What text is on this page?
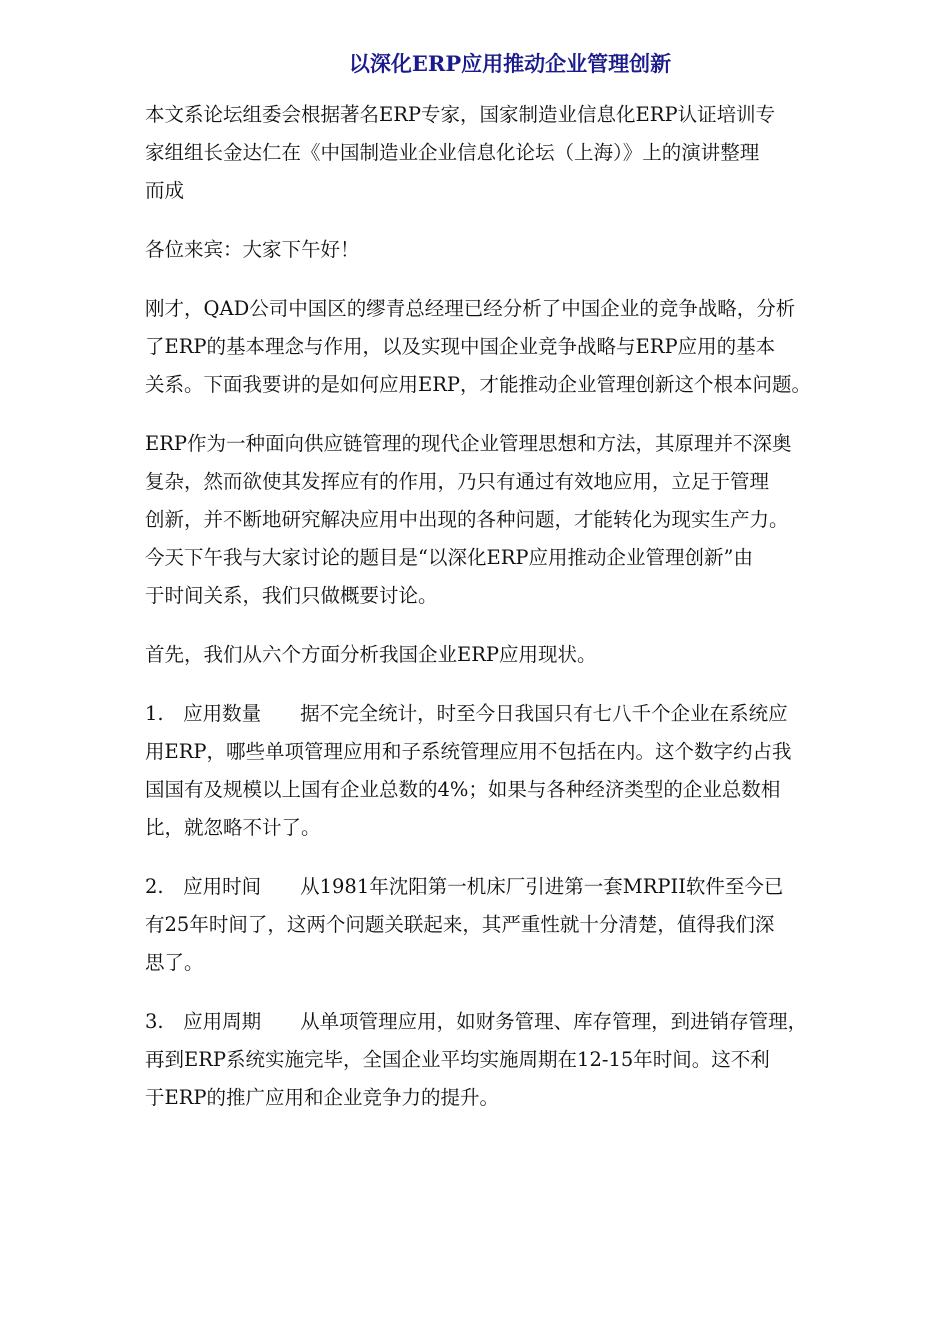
以深化ERP应用推动企业管理创新
本文系论坛组委会根据著名ERP专家，国家制造业信息化ERP认证培训专
家组组长金达仁在《中国制造业企业信息化论坛（上海）》上的演讲整理
而成
各位来宾：大家下午好！
刚才，QAD公司中国区的缪青总经理已经分析了中国企业的竞争战略，分析
了ERP的基本理念与作用，以及实现中国企业竞争战略与ERP应用的基本
关系。下面我要讲的是如何应用ERP，才能推动企业管理创新这个根本问题。
ERP作为一种面向供应链管理的现代企业管理思想和方法，其原理并不深奥
复杂，然而欲使其发挥应有的作用，乃只有通过有效地应用，立足于管理
创新，并不断地研究解决应用中出现的各种问题，才能转化为现实生产力。
今天下午我与大家讨论的题目是“以深化ERP应用推动企业管理创新”由
于时间关系，我们只做概要讨论。
首先，我们从六个方面分析我国企业ERP应用现状。
1.　应用数量　　据不完全统计，时至今日我国只有七八千个企业在系统应
用ERP，哪些单项管理应用和子系统管理应用不包括在内。这个数字约占我
国国有及规模以上国有企业总数的4%；如果与各种经济类型的企业总数相
比，就忽略不计了。
2.　应用时间　　从1981年沈阳第一机床厂引进第一套MRPII软件至今已
有25年时间了，这两个问题关联起来，其严重性就十分清楚，值得我们深
思了。
3.　应用周期　　从单项管理应用，如财务管理、库存管理，到进销存管理，
再到ERP系统实施完毕，全国企业平均实施周期在12-15年时间。这不利
于ERP的推广应用和企业竞争力的提升。
